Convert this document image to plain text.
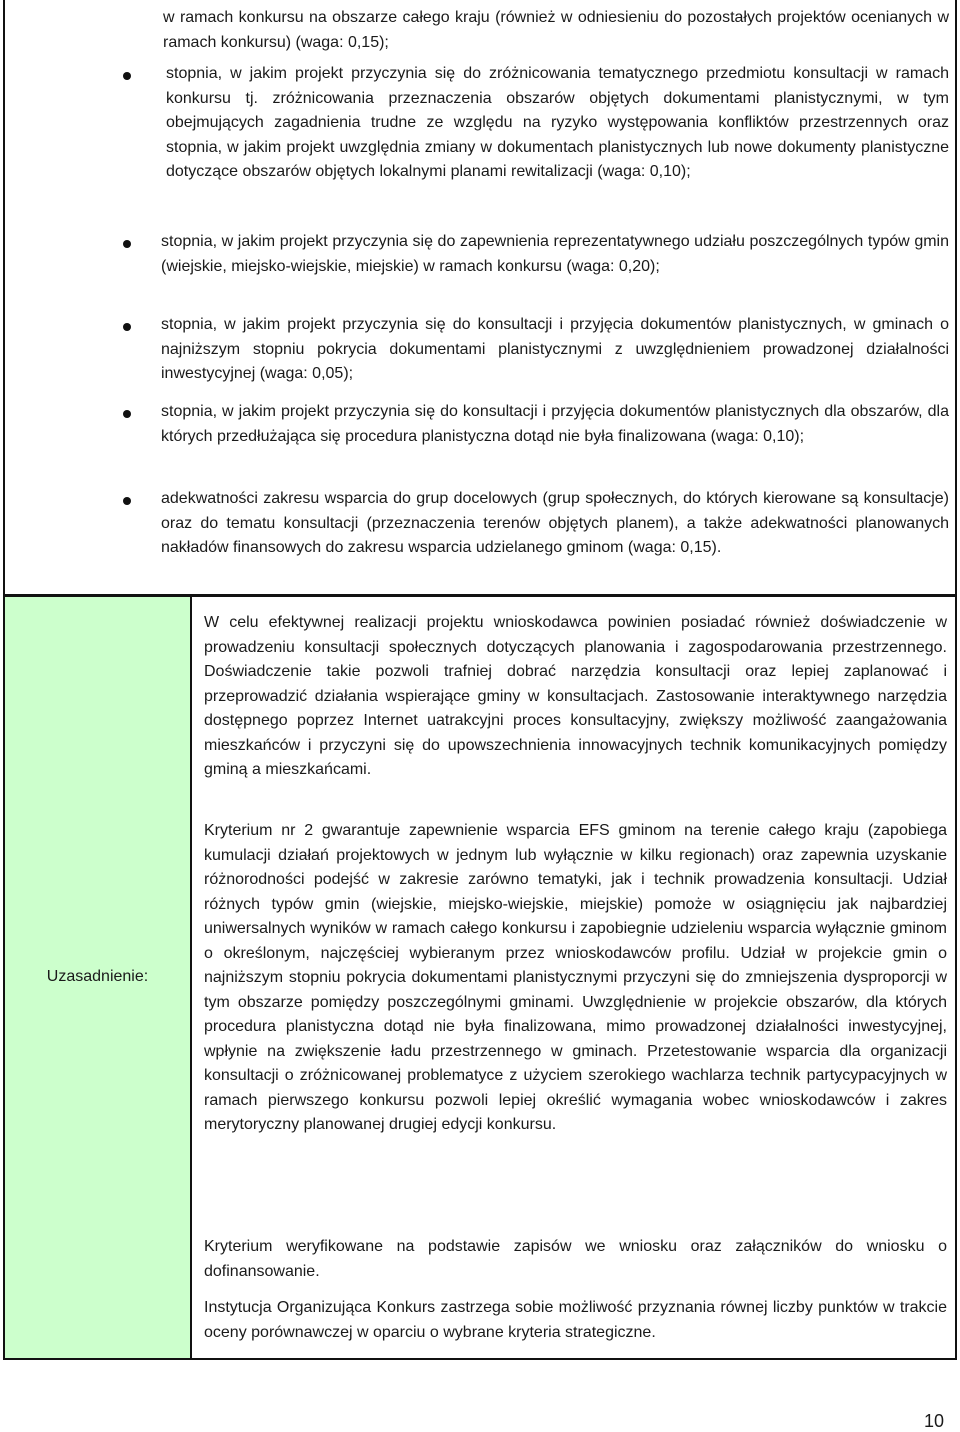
w ramach konkursu na obszarze całego kraju (również w odniesieniu do pozostałych projektów ocenianych w ramach konkursu) (waga: 0,15);
stopnia, w jakim projekt przyczynia się do zróżnicowania tematycznego przedmiotu konsultacji w ramach konkursu tj. zróżnicowania przeznaczenia obszarów objętych dokumentami planistycznymi, w tym obejmujących zagadnienia trudne ze względu na ryzyko występowania konfliktów przestrzennych oraz stopnia, w jakim projekt uwzględnia zmiany w dokumentach planistycznych lub nowe dokumenty planistyczne dotyczące obszarów objętych lokalnymi planami rewitalizacji (waga: 0,10);
stopnia, w jakim projekt przyczynia się do zapewnienia reprezentatywnego udziału poszczególnych typów gmin (wiejskie, miejsko-wiejskie, miejskie) w ramach konkursu (waga: 0,20);
stopnia, w jakim projekt przyczynia się do konsultacji i przyjęcia dokumentów planistycznych, w gminach o najniższym stopniu pokrycia dokumentami planistycznymi z uwzględnieniem prowadzonej działalności inwestycyjnej (waga: 0,05);
stopnia, w jakim projekt przyczynia się do konsultacji i przyjęcia dokumentów planistycznych dla obszarów, dla których przedłużająca się procedura planistyczna dotąd nie była finalizowana (waga: 0,10);
adekwatności zakresu wsparcia do grup docelowych (grup społecznych, do których kierowane są konsultacje) oraz do tematu konsultacji (przeznaczenia terenów objętych planem), a także adekwatności planowanych nakładów finansowych do zakresu wsparcia udzielanego gminom (waga: 0,15).
Uzasadnienie:

W celu efektywnej realizacji projektu wnioskodawca powinien posiadać również doświadczenie w prowadzeniu konsultacji społecznych dotyczących planowania i zagospodarowania przestrzennego. Doświadczenie takie pozwoli trafniej dobrać narzędzia konsultacji oraz lepiej zaplanować i przeprowadzić działania wspierające gminy w konsultacjach. Zastosowanie interaktywnego narzędzia dostępnego poprzez Internet uatrakcyjni proces konsultacyjny, zwiększy możliwość zaangażowania mieszkańców i przyczyni się do upowszechnienia innowacyjnych technik komunikacyjnych pomiędzy gminą a mieszkańcami.

Kryterium nr 2 gwarantuje zapewnienie wsparcia EFS gminom na terenie całego kraju (zapobiega kumulacji działań projektowych w jednym lub wyłącznie w kilku regionach) oraz zapewnia uzyskanie różnorodności podejść w zakresie zarówno tematyki, jak i technik prowadzenia konsultacji. Udział różnych typów gmin (wiejskie, miejsko-wiejskie, miejskie) pomoże w osiągnięciu jak najbardziej uniwersalnych wyników w ramach całego konkursu i zapobiegnie udzieleniu wsparcia wyłącznie gminom o określonym, najczęściej wybieranym przez wnioskodawców profilu. Udział w projekcie gmin o najniższym stopniu pokrycia dokumentami planistycznymi przyczyni się do zmniejszenia dysproporcji w tym obszarze pomiędzy poszczególnymi gminami. Uwzględnienie w projekcie obszarów, dla których procedura planistyczna dotąd nie była finalizowana, mimo prowadzonej działalności inwestycyjnej, wpłynie na zwiększenie ładu przestrzennego w gminach. Przetestowanie wsparcia dla organizacji konsultacji o zróżnicowanej problematyce z użyciem szerokiego wachlarza technik partycypacyjnych w ramach pierwszego konkursu pozwoli lepiej określić wymagania wobec wnioskodawców i zakres merytoryczny planowanej drugiej edycji konkursu.

Kryterium weryfikowane na podstawie zapisów we wniosku oraz załączników do wniosku o dofinansowanie.

Instytucja Organizująca Konkurs zastrzega sobie możliwość przyznania równej liczby punktów w trakcie oceny porównawczej w oparciu o wybrane kryteria strategiczne.

10
